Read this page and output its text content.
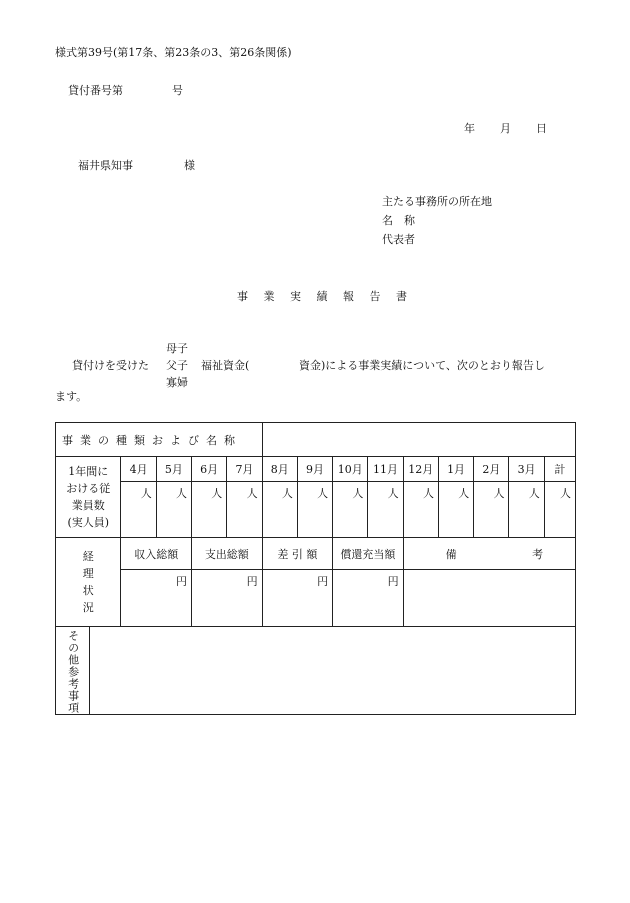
様式第39号(第17条、第23条の3、第26条関係)
貸付番号第	号
年 月 日
福井県知事	様
主たる事務所の所在地
名　称
代表者
事 業 実 績 報 告 書
母子
父子
寡婦
貸付けを受けた	福祉資金(	資金)による事業実績について、次のとおり報告し
ます。
事業の種類および名称														

1年間に
おける従
業員数
(実人員)		4月	5月	6月	7月	8月	9月	10月	11月	12月	1月	2月	3月	計
		人	人	人	人	人	人	人	人	人	人	人	人	人

経
理
状
況		収入総額		支出総額		差 引 額		償還充当額		備 考				
		円		円		円		円						

その他参考事項														
